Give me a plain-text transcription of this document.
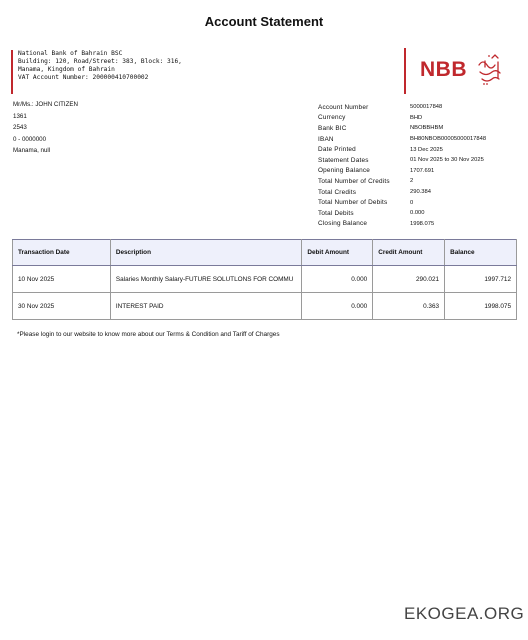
Account Statement
National Bank of Bahrain BSC
Building: 120, Road/Street: 383, Block: 316,
Manama, Kingdom of Bahrain
VAT Account Number: 200000410700002	NBB
Mr/Ms.: JOHN CITIZEN
1361
2543
0 - 0000000
Manama, null
Account Number	5000017848
Currency	BHD
Bank BIC	NBOBBHBM
IBAN	BH80NBOB00005000017848
Date Printed	13 Dec 2025
Statement Dates	01 Nov 2025 to 30 Nov 2025
Opening Balance	1707.691
Total Number of Credits	2
Total Credits	290.384
Total Number of Debits	0
Total Debits	0.000
Closing Balance	1998.075
Transaction Date	Description	Debit Amount	Credit Amount	Balance
10 Nov 2025	Salaries Monthly Salary-FUTURE SOLUTLONS FOR COMMU	0.000	290.021	1997.712
30 Nov 2025	INTEREST PAID	0.000	0.363	1998.075
*Please login to our website to know more about our Terms & Condition and Tariff of Charges
EKOGEA.ORG
